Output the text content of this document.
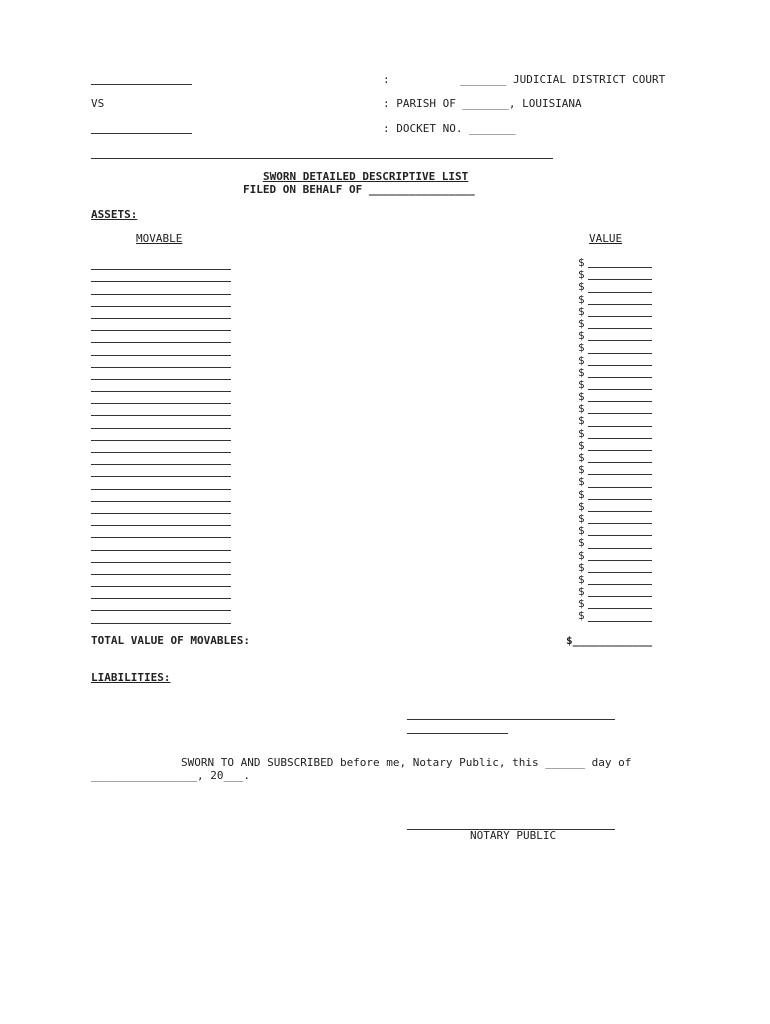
:	_______ JUDICIAL DISTRICT COURT
VS	: PARISH OF _______, LOUISIANA
: DOCKET NO. _______
SWORN DETAILED DESCRIPTIVE LIST
FILED ON BEHALF OF ________________
ASSETS:
MOVABLE	VALUE
$
$
$
$
$
$
$
$
$
$
$
$
$
$
$
$
$
$
$
$
$
$
$
$
$
$
$
$
$
$
TOTAL VALUE OF MOVABLES:	$____________
LIABILITIES:
SWORN TO AND SUBSCRIBED before me, Notary Public, this ______ day of
________________, 20___.
NOTARY PUBLIC
